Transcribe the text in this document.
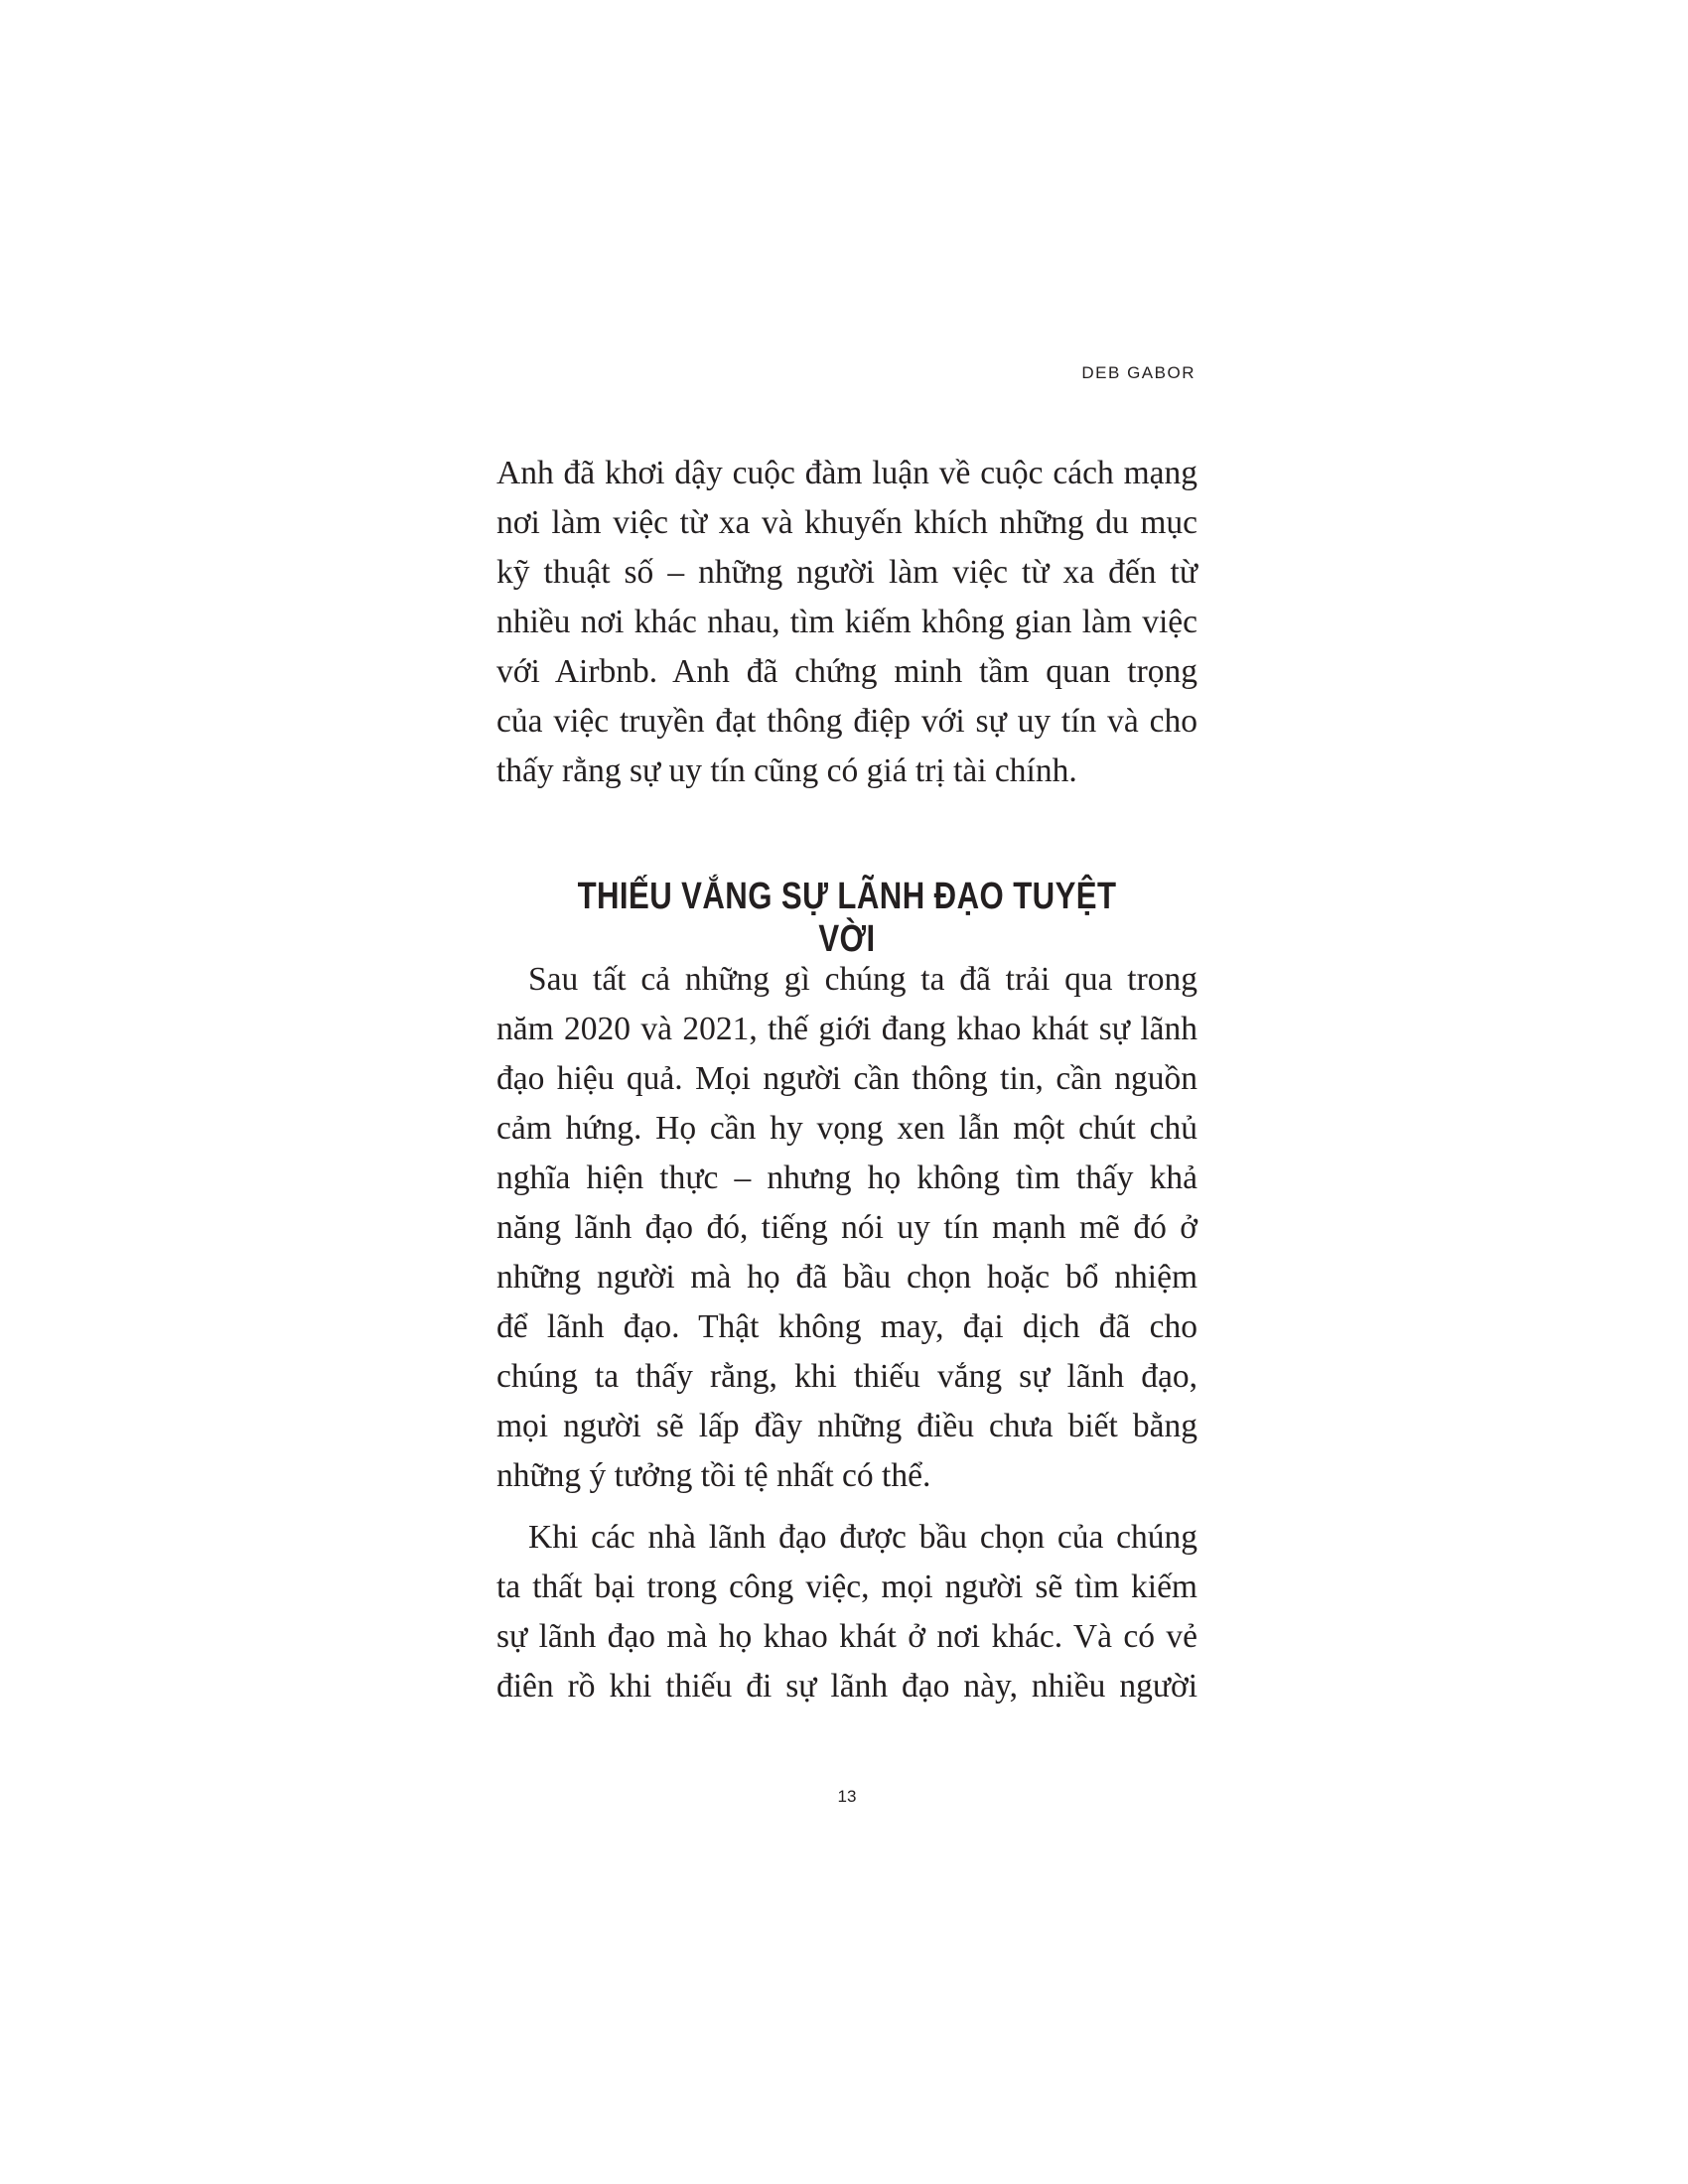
DEB GABOR
Anh đã khơi dậy cuộc đàm luận về cuộc cách mạng
nơi làm việc từ xa và khuyến khích những du mục
kỹ thuật số – những người làm việc từ xa đến từ
nhiều nơi khác nhau, tìm kiếm không gian làm việc
với Airbnb. Anh đã chứng minh tầm quan trọng
của việc truyền đạt thông điệp với sự uy tín và cho
thấy rằng sự uy tín cũng có giá trị tài chính.
THIẾU VẮNG SỰ LÃNH ĐẠO TUYỆT VỜI
Sau tất cả những gì chúng ta đã trải qua trong
năm 2020 và 2021, thế giới đang khao khát sự lãnh
đạo hiệu quả. Mọi người cần thông tin, cần nguồn
cảm hứng. Họ cần hy vọng xen lẫn một chút chủ
nghĩa hiện thực – nhưng họ không tìm thấy khả
năng lãnh đạo đó, tiếng nói uy tín mạnh mẽ đó ở
những người mà họ đã bầu chọn hoặc bổ nhiệm
để lãnh đạo. Thật không may, đại dịch đã cho
chúng ta thấy rằng, khi thiếu vắng sự lãnh đạo,
mọi người sẽ lấp đầy những điều chưa biết bằng
những ý tưởng tồi tệ nhất có thể.
Khi các nhà lãnh đạo được bầu chọn của chúng
ta thất bại trong công việc, mọi người sẽ tìm kiếm
sự lãnh đạo mà họ khao khát ở nơi khác. Và có vẻ
điên rồ khi thiếu đi sự lãnh đạo này, nhiều người
13
